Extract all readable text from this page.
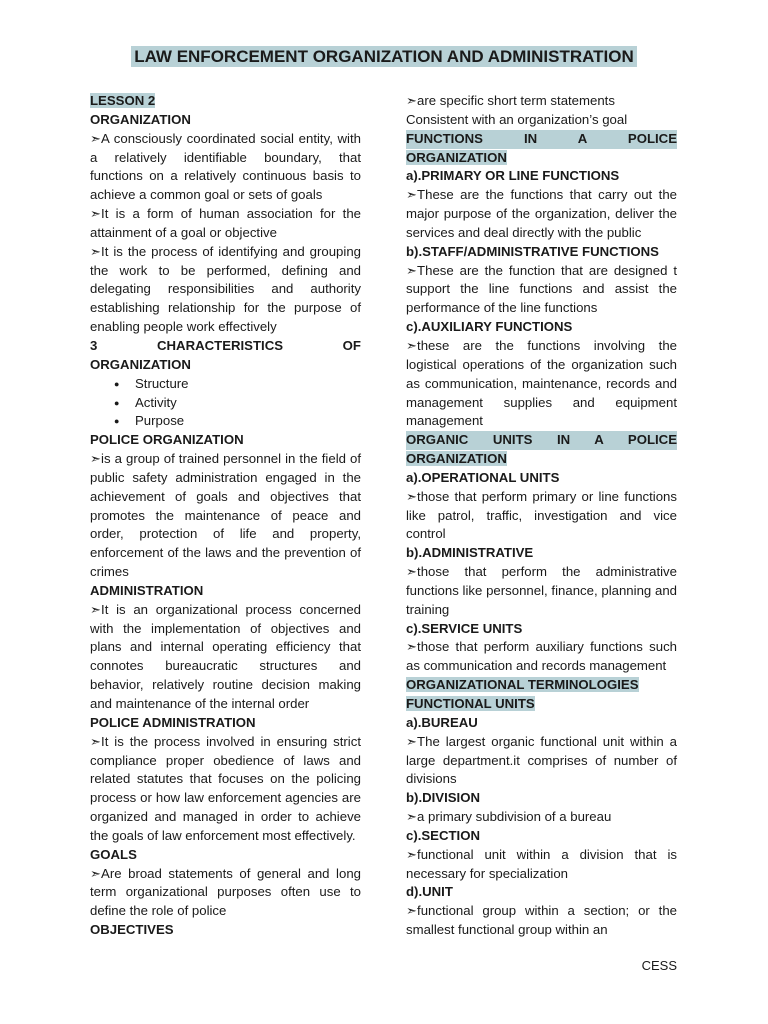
LAW ENFORCEMENT ORGANIZATION AND ADMINISTRATION

LESSON 2

ORGANIZATION

➣A consciously coordinated social entity, with a relatively identifiable boundary, that functions on a relatively continuous basis to achieve a common goal or sets of goals

➣It is a form of human association for the attainment of a goal or objective

➣It is the process of identifying and grouping the work to be performed, defining and delegating responsibilities and authority establishing relationship for the purpose of enabling people work effectively

3 CHARACTERISTICS OF

ORGANIZATION

● Structure
● Activity
● Purpose

POLICE ORGANIZATION

➣is a group of trained personnel in the field of public safety administration engaged in the achievement of goals and objectives that promotes the maintenance of peace and order, protection of life and property, enforcement of the laws and the prevention of crimes

ADMINISTRATION

➣It is an organizational process concerned with the implementation of objectives and plans and internal operating efficiency that connotes bureaucratic structures and behavior, relatively routine decision making and maintenance of the internal order

POLICE ADMINISTRATION

➣It is the process involved in ensuring strict compliance proper obedience of laws and related statutes that focuses on the policing process or how law enforcement agencies are organized and managed in order to achieve the goals of law enforcement most effectively.

GOALS

➣Are broad statements of general and long term organizational purposes often use to define the role of police

OBJECTIVES

➣are specific short term statements

Consistent with an organization’s goal

FUNCTIONS IN A POLICE

ORGANIZATION

a).PRIMARY OR LINE FUNCTIONS

➣These are the functions that carry out the major purpose of the organization, deliver the services and deal directly with the public

b).STAFF/ADMINISTRATIVE FUNCTIONS

➣These are the function that are designed t support the line functions and assist the performance of the line functions

c).AUXILIARY FUNCTIONS

➣these are the functions involving the logistical operations of the organization such as communication, maintenance, records and management supplies and equipment management

ORGANIC UNITS IN A POLICE

ORGANIZATION

a).OPERATIONAL UNITS

➣those that perform primary or line functions like patrol, traffic, investigation and vice control

b).ADMINISTRATIVE

➣those that perform the administrative functions like personnel, finance, planning and training

c).SERVICE UNITS

➣those that perform auxiliary functions such as communication and records management

ORGANIZATIONAL TERMINOLOGIES

FUNCTIONAL UNITS

a).BUREAU

➣The largest organic functional unit within a large department.it comprises of number of divisions

b).DIVISION

➣a primary subdivision of a bureau

c).SECTION

➣functional unit within a division that is necessary for specialization

d).UNIT

➣functional group within a section; or the smallest functional group within an

CESS
